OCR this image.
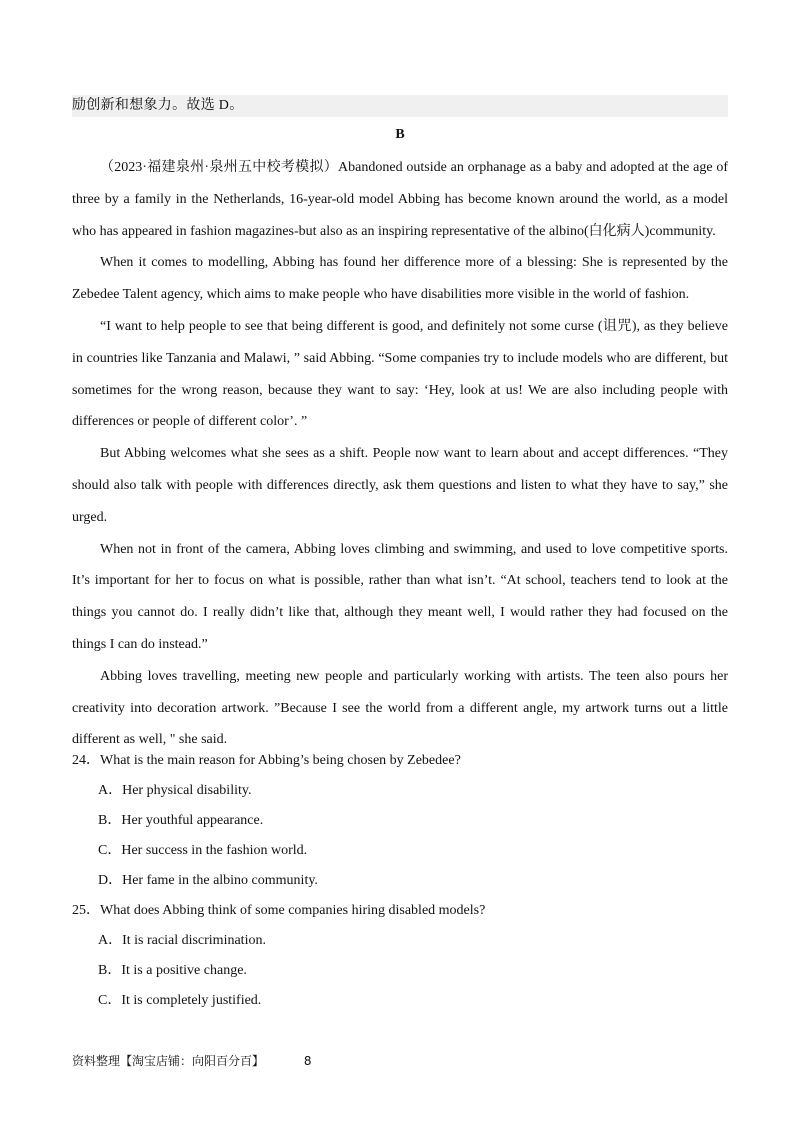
励创新和想象力。故选 D。
B

（2023·福建泉州·泉州五中校考模拟）Abandoned outside an orphanage as a baby and adopted at the age of three by a family in the Netherlands, 16-year-old model Abbing has become known around the world, as a model who has appeared in fashion magazines-but also as an inspiring representative of the albino(白化病人)community.

When it comes to modelling, Abbing has found her difference more of a blessing: She is represented by the Zebedee Talent agency, which aims to make people who have disabilities more visible in the world of fashion.

“I want to help people to see that being different is good, and definitely not some curse (诅咒), as they believe in countries like Tanzania and Malawi, ” said Abbing. “Some companies try to include models who are different, but sometimes for the wrong reason, because they want to say: ‘Hey, look at us! We are also including people with differences or people of different color’. ”

But Abbing welcomes what she sees as a shift. People now want to learn about and accept differences. “They should also talk with people with differences directly, ask them questions and listen to what they have to say,” she urged.

When not in front of the camera, Abbing loves climbing and swimming, and used to love competitive sports. It’s important for her to focus on what is possible, rather than what isn’t. “At school, teachers tend to look at the things you cannot do. I really didn’t like that, although they meant well, I would rather they had focused on the things I can do instead.”

Abbing loves travelling, meeting new people and particularly working with artists. The teen also pours her creativity into decoration artwork. ”Because I see the world from a different angle, my artwork turns out a little different as well, " she said.

24．What is the main reason for Abbing’s being chosen by Zebedee?

A．Her physical disability.

B．Her youthful appearance.

C．Her success in the fashion world.

D．Her fame in the albino community.

25．What does Abbing think of some companies hiring disabled models?

A．It is racial discrimination.

B．It is a positive change.

C．It is completely justified.

资料整理【淘宝店铺：向阳百分百】	8
